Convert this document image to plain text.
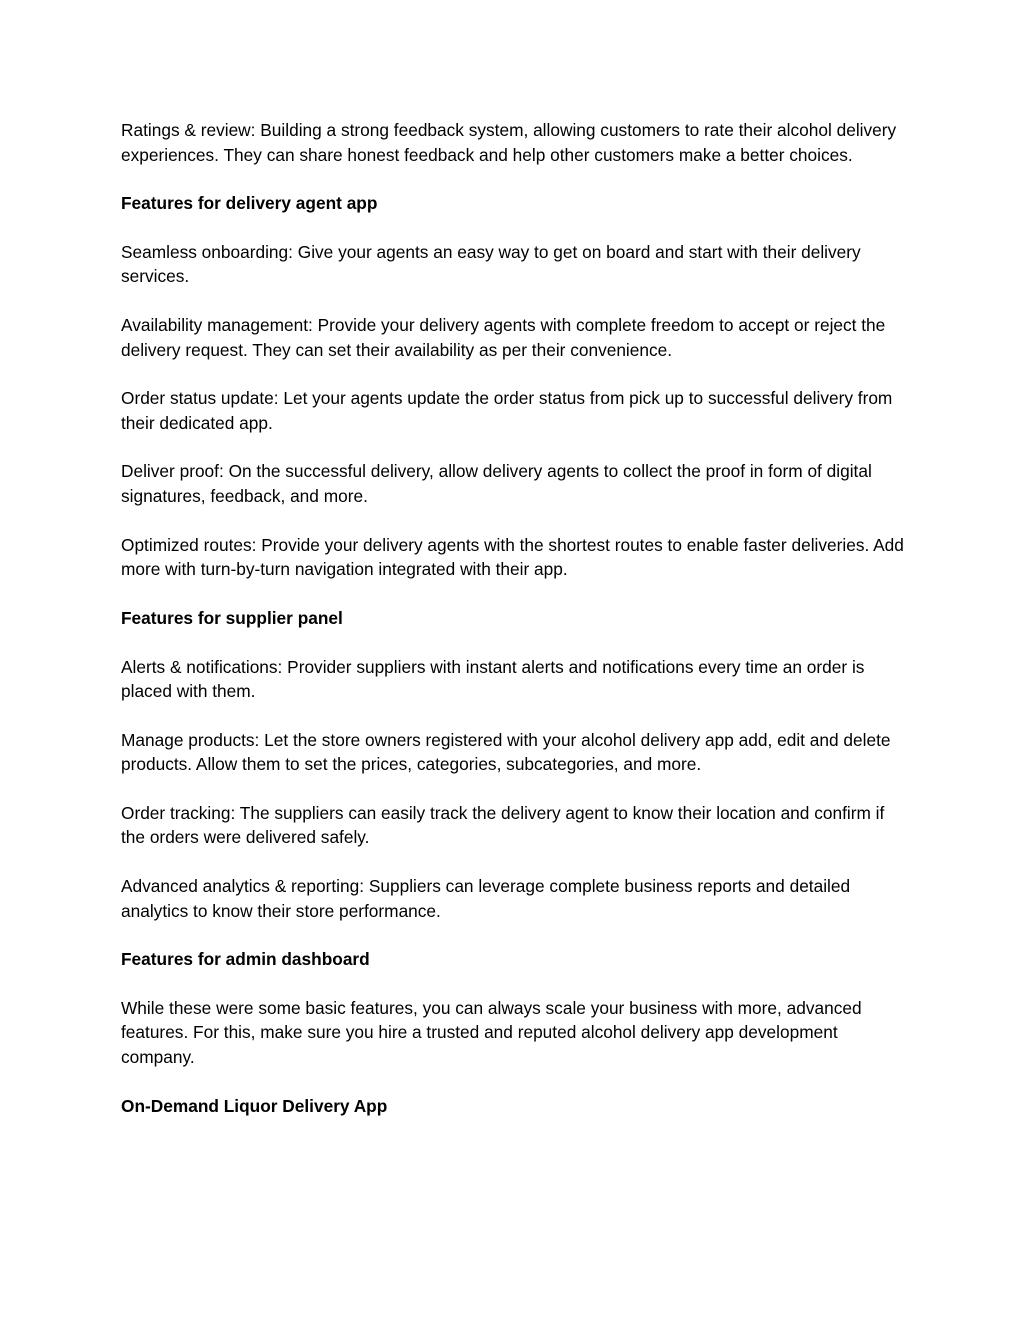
Ratings & review: Building a strong feedback system, allowing customers to rate their alcohol delivery experiences. They can share honest feedback and help other customers make a better choices.

Features for delivery agent app

Seamless onboarding: Give your agents an easy way to get on board and start with their delivery services.

Availability management: Provide your delivery agents with complete freedom to accept or reject the delivery request. They can set their availability as per their convenience.

Order status update: Let your agents update the order status from pick up to successful delivery from their dedicated app.

Deliver proof: On the successful delivery, allow delivery agents to collect the proof in form of digital signatures, feedback, and more.

Optimized routes: Provide your delivery agents with the shortest routes to enable faster deliveries. Add more with turn-by-turn navigation integrated with their app.

Features for supplier panel

Alerts & notifications: Provider suppliers with instant alerts and notifications every time an order is placed with them.

Manage products: Let the store owners registered with your alcohol delivery app add, edit and delete products. Allow them to set the prices, categories, subcategories, and more.

Order tracking: The suppliers can easily track the delivery agent to know their location and confirm if the orders were delivered safely.

Advanced analytics & reporting: Suppliers can leverage complete business reports and detailed analytics to know their store performance.

Features for admin dashboard

While these were some basic features, you can always scale your business with more, advanced features. For this, make sure you hire a trusted and reputed alcohol delivery app development company.

On-Demand Liquor Delivery App
